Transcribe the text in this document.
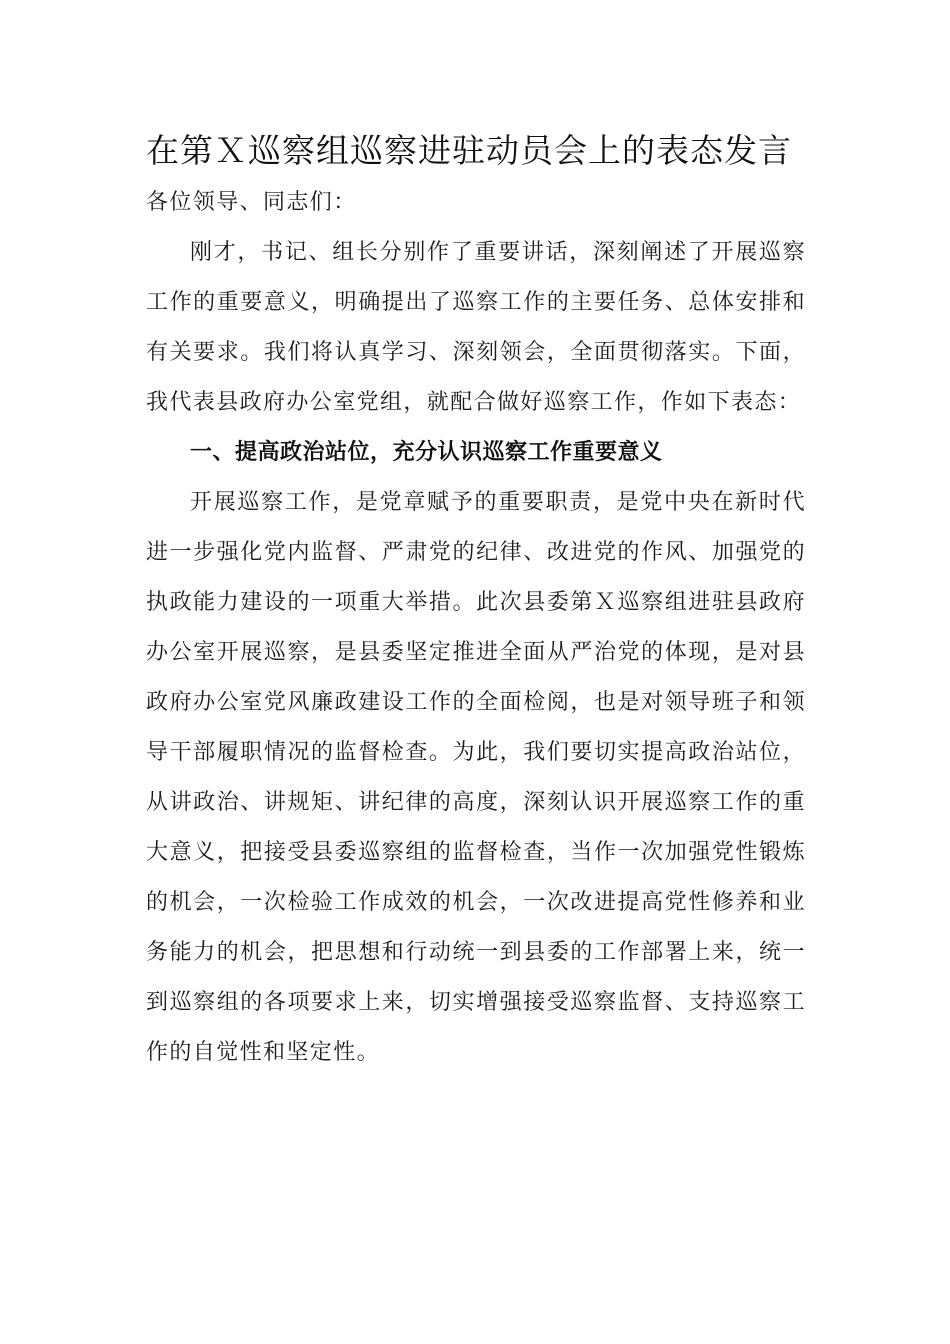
在第Ｘ巡察组巡察进驻动员会上的表态发言

各位领导、同志们：

刚才，书记、组长分别作了重要讲话，深刻阐述了开展巡察工作的重要意义，明确提出了巡察工作的主要任务、总体安排和有关要求。我们将认真学习、深刻领会，全面贯彻落实。下面，我代表县政府办公室党组，就配合做好巡察工作，作如下表态：

一、提高政治站位，充分认识巡察工作重要意义

开展巡察工作，是党章赋予的重要职责，是党中央在新时代进一步强化党内监督、严肃党的纪律、改进党的作风、加强党的执政能力建设的一项重大举措。此次县委第Ｘ巡察组进驻县政府办公室开展巡察，是县委坚定推进全面从严治党的体现，是对县政府办公室党风廉政建设工作的全面检阅，也是对领导班子和领导干部履职情况的监督检查。为此，我们要切实提高政治站位，从讲政治、讲规矩、讲纪律的高度，深刻认识开展巡察工作的重大意义，把接受县委巡察组的监督检查，当作一次加强党性锻炼的机会，一次检验工作成效的机会，一次改进提高党性修养和业务能力的机会，把思想和行动统一到县委的工作部署上来，统一到巡察组的各项要求上来，切实增强接受巡察监督、支持巡察工作的自觉性和坚定性。
